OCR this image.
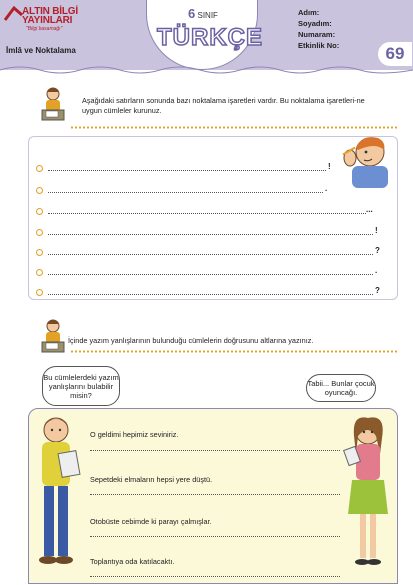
ALTIN BİLGİ
YAYINLARI
"Bilgi basamağı"
İmlâ ve Noktalama
6 SINIF
TÜRKÇE
Adım:
Soyadım:
Numaram:
Etkinlik No:	69
Aşağıdaki satırların sonunda bazı noktalama işaretleri vardır. Bu noktalama işaretleri-ne uygun cümleler kurunuz.
!
.
...
!
?
.
?
İçinde yazım yanlışlarının bulunduğu cümlelerin doğrusunu altlarına yazınız.
Bu cümlelerdeki yazım yanlışlarını bulabilir misin?
Tabii... Bunlar çocuk oyuncağı.
O geldimi hepimiz seviniriz.
Sepetdeki elmaların hepsi yere düştü.
Otobüste cebimde ki parayı çalmışlar.
Toplantıya oda katılacaktı.
